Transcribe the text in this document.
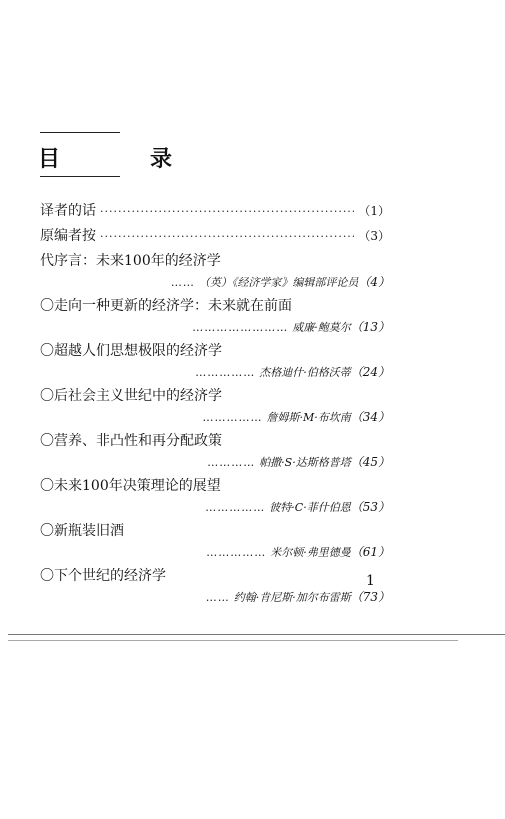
目　录
译者的话 ·····	（1）
原编者按 ·····	（3）
代序言：未来100年的经济学
…… （英）《经济学家》编辑部评论员 （4）
〇走向一种更新的经济学：未来就在前面
…………………… 威廉·鲍莫尔 （13）
〇超越人们思想极限的经济学
…………… 杰格迪什·伯格沃蒂 （24）
〇后社会主义世纪中的经济学
…………… 詹姆斯·M·布坎南 （34）
〇营养、非凸性和再分配政策
………… 帕撒·S·达斯格普塔 （45）
〇未来100年决策理论的展望
…………… 彼特·C·菲什伯恩 （53）
〇新瓶装旧酒
…………… 米尔顿·弗里德曼 （61）
〇下个世纪的经济学
…… 约翰·肯尼斯·加尔布雷斯 （73）
1
